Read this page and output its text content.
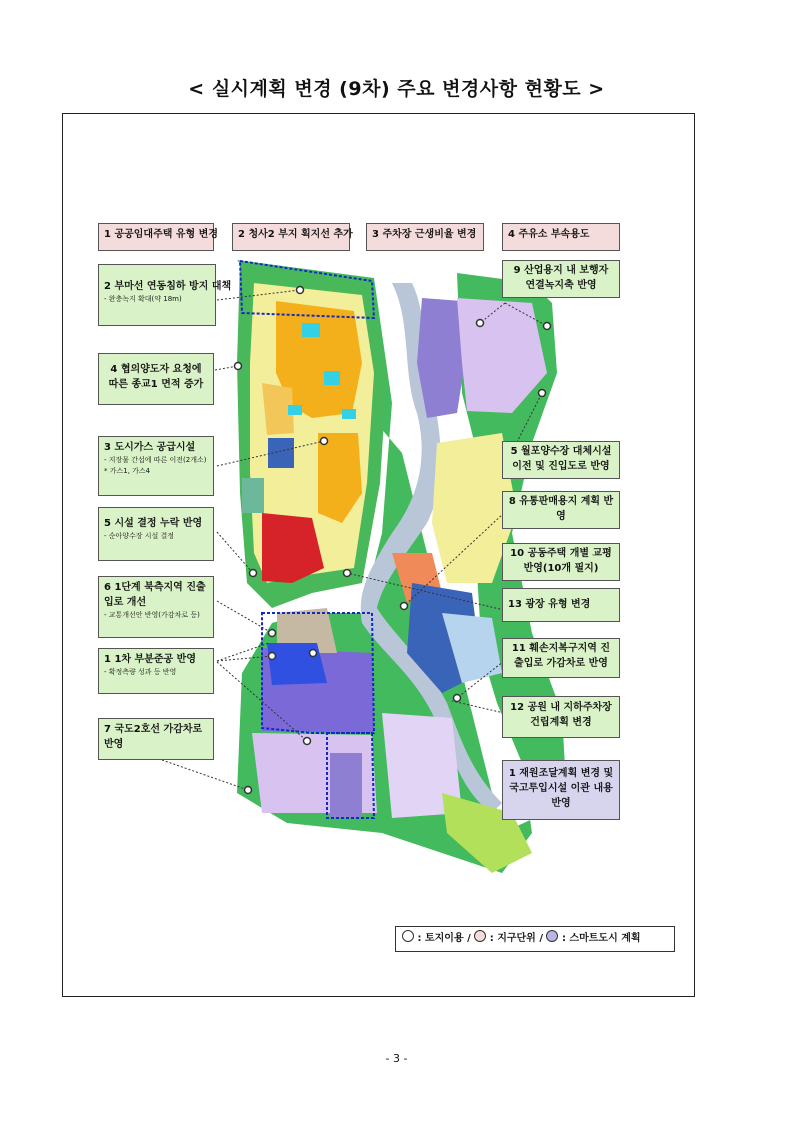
< 실시계획 변경 (9차) 주요 변경사항 현황도 >
1 공공임대주택 유형 변경	2 청사2 부지 획지선 추가	3 주차장 근생비율 변경	4 주유소 부속용도
2 부마선 연동침하 방지 대책
- 완충녹지 확대(약 18m)
4 협의양도자 요청에 따른 종교1 면적 증가
3 도시가스 공급시설
- 지장물 간섭에 따른 이전(2개소)
* 가스1, 가스4
5 시설 결정 누락 반영
- 순아양수장 시설 결정
6 1단계 북측지역 진출입로 개선
- 교통개선안 반영(가감차로 등)
1 1차 부분준공 반영
- 확정측량 성과 등 반영
7 국도2호선 가감차로 반영
9 산업용지 내 보행자 연결녹지축 반영
5 월포양수장 대체시설 이전 및 진입도로 반영
8 유통판매용지 계획 반영
10 공동주택 개별 교평 반영(10개 필지)
13 광장 유형 변경
11 훼손지복구지역 진출입로 가감차로 반영
12 공원 내 지하주차장 건립계획 변경
1 재원조달계획 변경 및 국고투입시설 이관 내용 반영
: 토지이용 / : 지구단위 / : 스마트도시 계획
- 3 -
